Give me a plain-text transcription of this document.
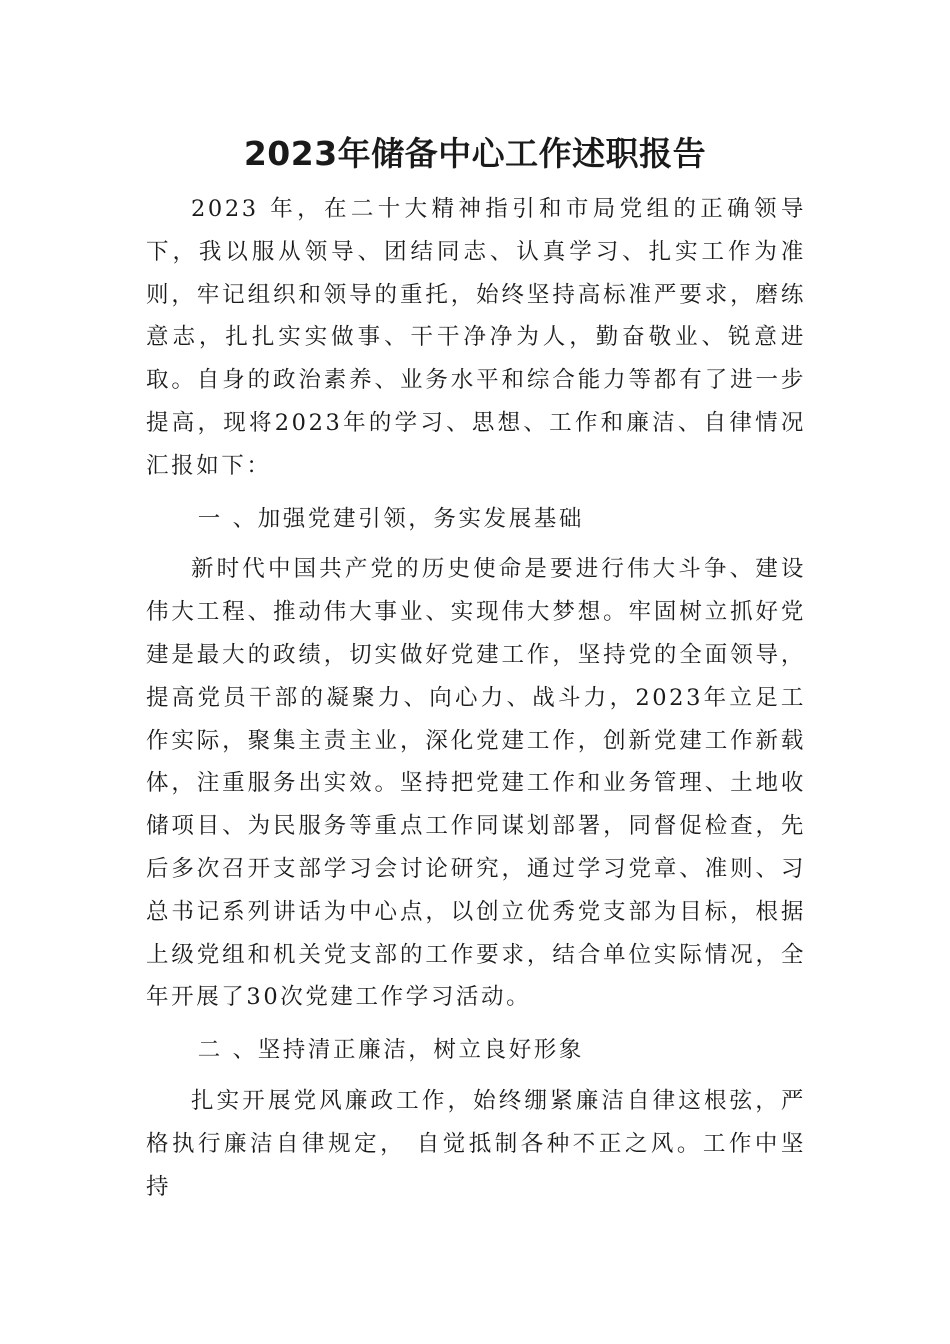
2023年储备中心工作述职报告

2023 年，在二十大精神指引和市局党组的正确领导下，我以服从领导、团结同志、认真学习、扎实工作为准则，牢记组织和领导的重托，始终坚持高标准严要求，磨练意志，扎扎实实做事、干干净净为人，勤奋敬业、锐意进取。自身的政治素养、业务水平和综合能力等都有了进一步提高，现将2023年的学习、思想、工作和廉洁、自律情况汇报如下：

一 、加强党建引领，务实发展基础

新时代中国共产党的历史使命是要进行伟大斗争、建设伟大工程、推动伟大事业、实现伟大梦想。牢固树立抓好党建是最大的政绩，切实做好党建工作，坚持党的全面领导，提高党员干部的凝聚力、向心力、战斗力，2023年立足工作实际，聚集主责主业，深化党建工作，创新党建工作新载体，注重服务出实效。坚持把党建工作和业务管理、土地收储项目、为民服务等重点工作同谋划部署，同督促检查，先后多次召开支部学习会讨论研究，通过学习党章、准则、习总书记系列讲话为中心点，以创立优秀党支部为目标，根据上级党组和机关党支部的工作要求，结合单位实际情况，全年开展了30次党建工作学习活动。

二 、坚持清正廉洁，树立良好形象

扎实开展党风廉政工作，始终绷紧廉洁自律这根弦，严格执行廉洁自律规定， 自觉抵制各种不正之风。工作中坚持
